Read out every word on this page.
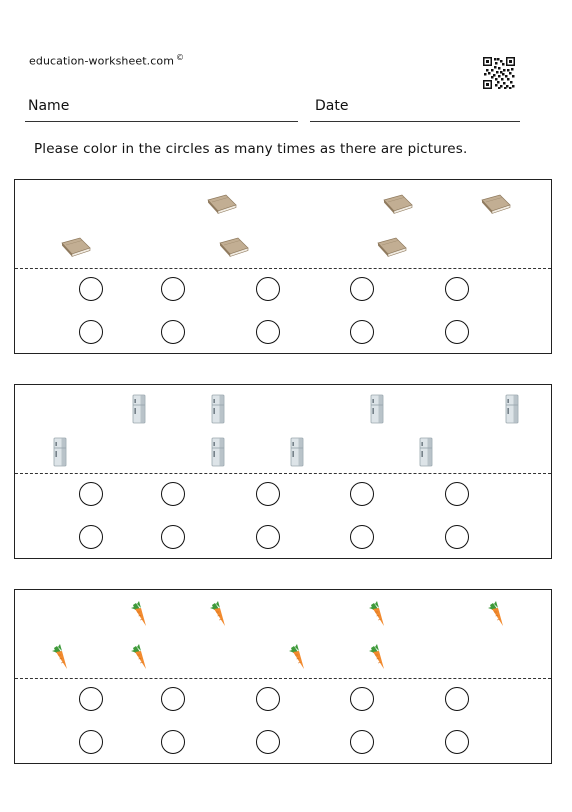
education-worksheet.com ©
Name	Date
Please color in the circles as many times as there are pictures.
